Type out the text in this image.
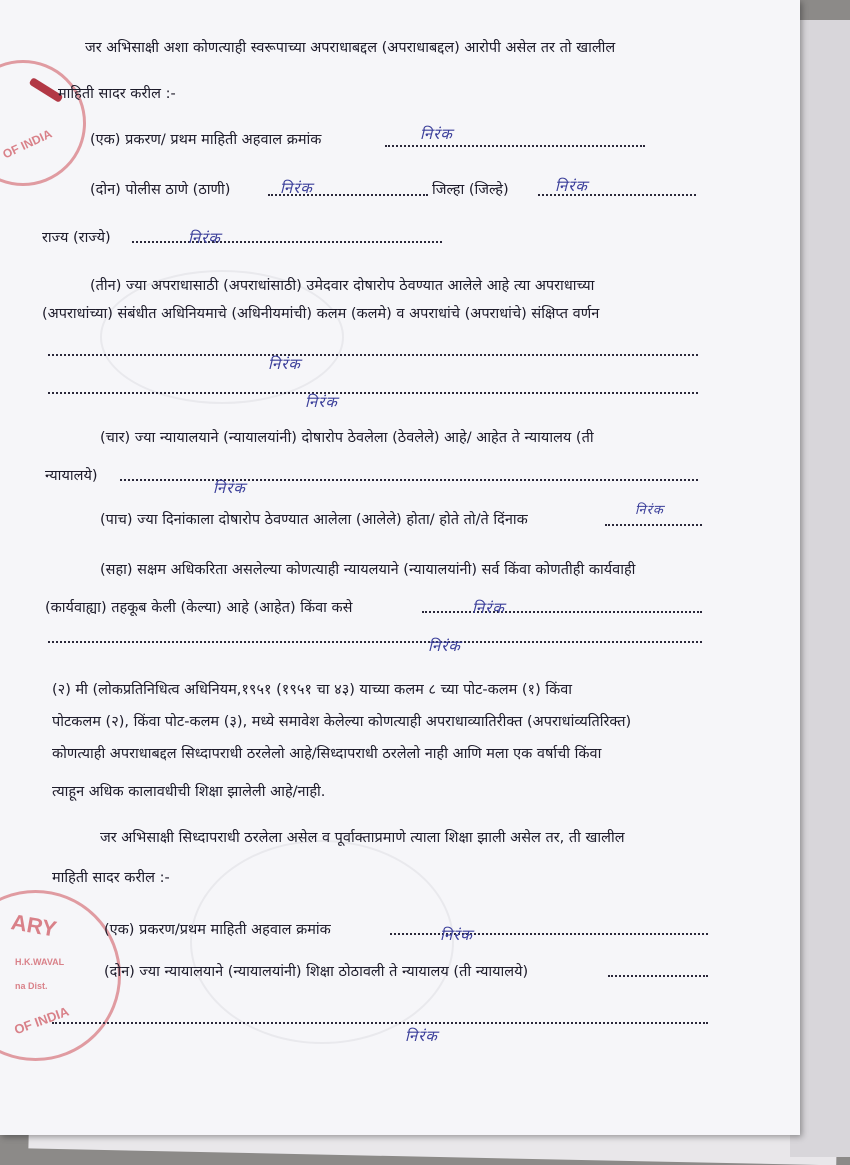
OF INDIA
ARY
H.K.WAVAL
na Dist.
OF INDIA
जर अभिसाक्षी अशा कोणत्याही स्वरूपाच्या अपराधाबद्दल (अपराधाबद्दल) आरोपी असेल तर तो खालील
माहिती सादर करील :-
(एक) प्रकरण/ प्रथम माहिती अहवाल क्रमांक	निरंक
(दोन) पोलीस ठाणे (ठाणी)	निरंक	जिल्हा (जिल्हे)	निरंक
राज्य (राज्ये)	निरंक
(तीन) ज्या अपराधासाठी (अपराधांसाठी) उमेदवार दोषारोप ठेवण्यात आलेले आहे त्या अपराधाच्या
(अपराधांच्या) संबंधीत अधिनियमाचे (अधिनीयमांची) कलम (कलमे) व अपराधांचे (अपराधांचे) संक्षिप्त वर्णन
निरंक
निरंक
(चार) ज्या न्यायालयाने (न्यायालयांनी) दोषारोप ठेवलेला (ठेवलेले) आहे/ आहेत ते न्यायालय (ती
न्यायालये)
निरंक
(पाच) ज्या दिनांकाला दोषारोप ठेवण्यात आलेला (आलेले) होता/ होते तो/ते दिंनाक
निरंक
(सहा) सक्षम अधिकरिता असलेल्या कोणत्याही न्यायलयाने (न्यायालयांनी) सर्व किंवा कोणतीही कार्यवाही
(कार्यवाह्या) तहकूब केली (केल्या) आहे (आहेत) किंवा कसे	निरंक
निरंक
(२) मी (लोकप्रतिनिधित्व अधिनियम,१९५१ (१९५१ चा ४३) याच्या कलम ८ च्या पोट-कलम (१) किंवा
पोटकलम (२), किंवा पोट-कलम (३), मध्ये समावेश केलेल्या कोणत्याही अपराधाव्यातिरीक्त (अपराधांव्यतिरिक्त)
कोणत्याही अपराधाबद्दल सिध्दापराधी ठरलेलो आहे/सिध्दापराधी ठरलेलो नाही आणि मला एक वर्षाची किंवा
त्याहून अधिक कालावधीची शिक्षा झालेली आहे/नाही.
जर अभिसाक्षी सिध्दापराधी ठरलेला असेल व पूर्वाक्ताप्रमाणे त्याला शिक्षा झाली असेल तर, ती खालील
माहिती सादर करील :-
(एक) प्रकरण/प्रथम माहिती अहवाल क्रमांक	निरंक
(दोन) ज्या न्यायालयाने (न्यायालयांनी) शिक्षा ठोठावली ते न्यायालय (ती न्यायालये)
निरंक
